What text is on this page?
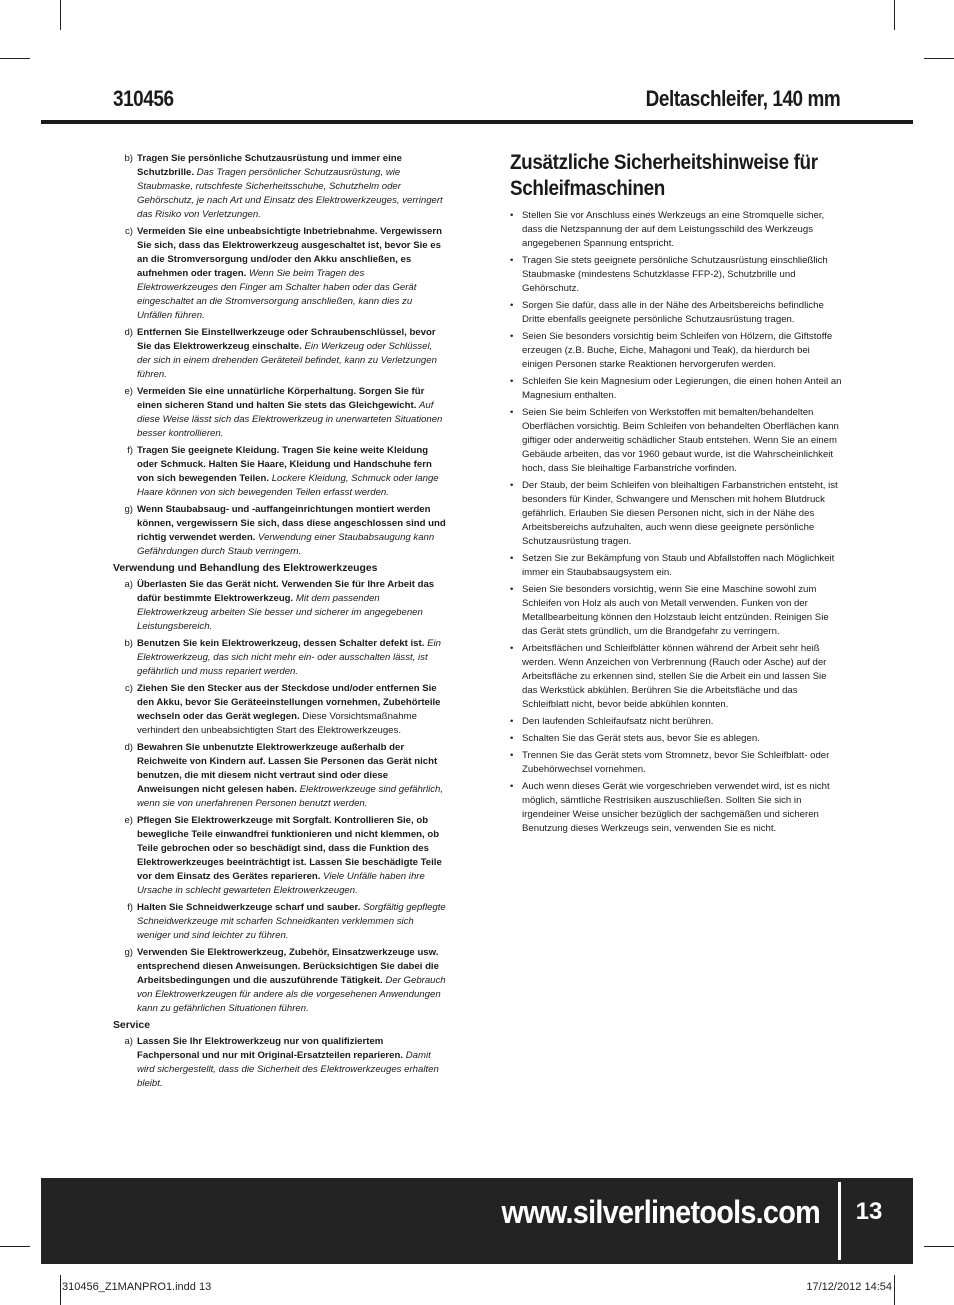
310456	Deltaschleifer, 140 mm
b) Tragen Sie persönliche Schutzausrüstung und immer eine Schutzbrille. Das Tragen persönlicher Schutzausrüstung, wie Staubmaske, rutschfeste Sicherheitsschuhe, Schutzhelm oder Gehörschutz, je nach Art und Einsatz des Elektrowerkzeuges, verringert das Risiko von Verletzungen.
c) Vermeiden Sie eine unbeabsichtigte Inbetriebnahme. Vergewissern Sie sich, dass das Elektrowerkzeug ausgeschaltet ist, bevor Sie es an die Stromversorgung und/oder den Akku anschließen, es aufnehmen oder tragen. Wenn Sie beim Tragen des Elektrowerkzeuges den Finger am Schalter haben oder das Gerät eingeschaltet an die Stromversorgung anschließen, kann dies zu Unfällen führen.
d) Entfernen Sie Einstellwerkzeuge oder Schraubenschlüssel, bevor Sie das Elektrowerkzeug einschalte. Ein Werkzeug oder Schlüssel, der sich in einem drehenden Geräteteil befindet, kann zu Verletzungen führen.
e) Vermeiden Sie eine unnatürliche Körperhaltung. Sorgen Sie für einen sicheren Stand und halten Sie stets das Gleichgewicht. Auf diese Weise lässt sich das Elektrowerkzeug in unerwarteten Situationen besser kontrollieren.
f) Tragen Sie geeignete Kleidung. Tragen Sie keine weite Kleidung oder Schmuck. Halten Sie Haare, Kleidung und Handschuhe fern von sich bewegenden Teilen. Lockere Kleidung, Schmuck oder lange Haare können von sich bewegenden Teilen erfasst werden.
g) Wenn Staubabsaug- und -auffangeinrichtungen montiert werden können, vergewissern Sie sich, dass diese angeschlossen sind und richtig verwendet werden. Verwendung einer Staubabsaugung kann Gefährdungen durch Staub verringern.
Verwendung und Behandlung des Elektrowerkzeuges
a) Überlasten Sie das Gerät nicht. Verwenden Sie für Ihre Arbeit das dafür bestimmte Elektrowerkzeug. Mit dem passenden Elektrowerkzeug arbeiten Sie besser und sicherer im angegebenen Leistungsbereich.
b) Benutzen Sie kein Elektrowerkzeug, dessen Schalter defekt ist. Ein Elektrowerkzeug, das sich nicht mehr ein- oder ausschalten lässt, ist gefährlich und muss repariert werden.
c) Ziehen Sie den Stecker aus der Steckdose und/oder entfernen Sie den Akku, bevor Sie Geräteeinstellungen vornehmen, Zubehörteile wechseln oder das Gerät weglegen. Diese Vorsichtsmaßnahme verhindert den unbeabsichtigten Start des Elektrowerkzeuges.
d) Bewahren Sie unbenutzte Elektrowerkzeuge außerhalb der Reichweite von Kindern auf. Lassen Sie Personen das Gerät nicht benutzen, die mit diesem nicht vertraut sind oder diese Anweisungen nicht gelesen haben. Elektrowerkzeuge sind gefährlich, wenn sie von unerfahrenen Personen benutzt werden.
e) Pflegen Sie Elektrowerkzeuge mit Sorgfalt. Kontrollieren Sie, ob bewegliche Teile einwandfrei funktionieren und nicht klemmen, ob Teile gebrochen oder so beschädigt sind, dass die Funktion des Elektrowerkzeuges beeinträchtigt ist. Lassen Sie beschädigte Teile vor dem Einsatz des Gerätes reparieren. Viele Unfälle haben ihre Ursache in schlecht gewarteten Elektrowerkzeugen.
f) Halten Sie Schneidwerkzeuge scharf und sauber. Sorgfältig gepflegte Schneidwerkzeuge mit scharfen Schneidkanten verklemmen sich weniger und sind leichter zu führen.
g) Verwenden Sie Elektrowerkzeug, Zubehör, Einsatzwerkzeuge usw. entsprechend diesen Anweisungen. Berücksichtigen Sie dabei die Arbeitsbedingungen und die auszuführende Tätigkeit. Der Gebrauch von Elektrowerkzeugen für andere als die vorgesehenen Anwendungen kann zu gefährlichen Situationen führen.
Service
a) Lassen Sie Ihr Elektrowerkzeug nur von qualifiziertem Fachpersonal und nur mit Original-Ersatzteilen reparieren. Damit wird sichergestellt, dass die Sicherheit des Elektrowerkzeuges erhalten bleibt.
Zusätzliche Sicherheitshinweise für Schleifmaschinen
• Stellen Sie vor Anschluss eines Werkzeugs an eine Stromquelle sicher, dass die Netzspannung der auf dem Leistungsschild des Werkzeugs angegebenen Spannung entspricht.
• Tragen Sie stets geeignete persönliche Schutzausrüstung einschließlich Staubmaske (mindestens Schutzklasse FFP-2), Schutzbrille und Gehörschutz.
• Sorgen Sie dafür, dass alle in der Nähe des Arbeitsbereichs befindliche Dritte ebenfalls geeignete persönliche Schutzausrüstung tragen.
• Seien Sie besonders vorsichtig beim Schleifen von Hölzern, die Giftstoffe erzeugen (z.B. Buche, Eiche, Mahagoni und Teak), da hierdurch bei einigen Personen starke Reaktionen hervorgerufen werden.
• Schleifen Sie kein Magnesium oder Legierungen, die einen hohen Anteil an Magnesium enthalten.
• Seien Sie beim Schleifen von Werkstoffen mit bemalten/behandelten Oberflächen vorsichtig. Beim Schleifen von behandelten Oberflächen kann giftiger oder anderweitig schädlicher Staub entstehen. Wenn Sie an einem Gebäude arbeiten, das vor 1960 gebaut wurde, ist die Wahrscheinlichkeit hoch, dass Sie bleihaltige Farbanstriche vorfinden.
• Der Staub, der beim Schleifen von bleihaltigen Farbanstrichen entsteht, ist besonders für Kinder, Schwangere und Menschen mit hohem Blutdruck gefährlich. Erlauben Sie diesen Personen nicht, sich in der Nähe des Arbeitsbereichs aufzuhalten, auch wenn diese geeignete persönliche Schutzausrüstung tragen.
• Setzen Sie zur Bekämpfung von Staub und Abfallstoffen nach Möglichkeit immer ein Staubabsaugsystem ein.
• Seien Sie besonders vorsichtig, wenn Sie eine Maschine sowohl zum Schleifen von Holz als auch von Metall verwenden. Funken von der Metallbearbeitung können den Holzstaub leicht entzünden. Reinigen Sie das Gerät stets gründlich, um die Brandgefahr zu verringern.
• Arbeitsflächen und Schleifblätter können während der Arbeit sehr heiß werden. Wenn Anzeichen von Verbrennung (Rauch oder Asche) auf der Arbeitsfläche zu erkennen sind, stellen Sie die Arbeit ein und lassen Sie das Werkstück abkühlen. Berühren Sie die Arbeitsfläche und das Schleifblatt nicht, bevor beide abkühlen konnten.
• Den laufenden Schleifaufsatz nicht berühren.
• Schalten Sie das Gerät stets aus, bevor Sie es ablegen.
• Trennen Sie das Gerät stets vom Stromnetz, bevor Sie Schleifblatt- oder Zubehörwechsel vornehmen.
• Auch wenn dieses Gerät wie vorgeschrieben verwendet wird, ist es nicht möglich, sämtliche Restrisiken auszuschließen. Sollten Sie sich in irgendeiner Weise unsicher bezüglich der sachgemäßen und sicheren Benutzung dieses Werkzeugs sein, verwenden Sie es nicht.
www.silverlinetools.com	13
310456_Z1MANPRO1.indd 13	17/12/2012 14:54
